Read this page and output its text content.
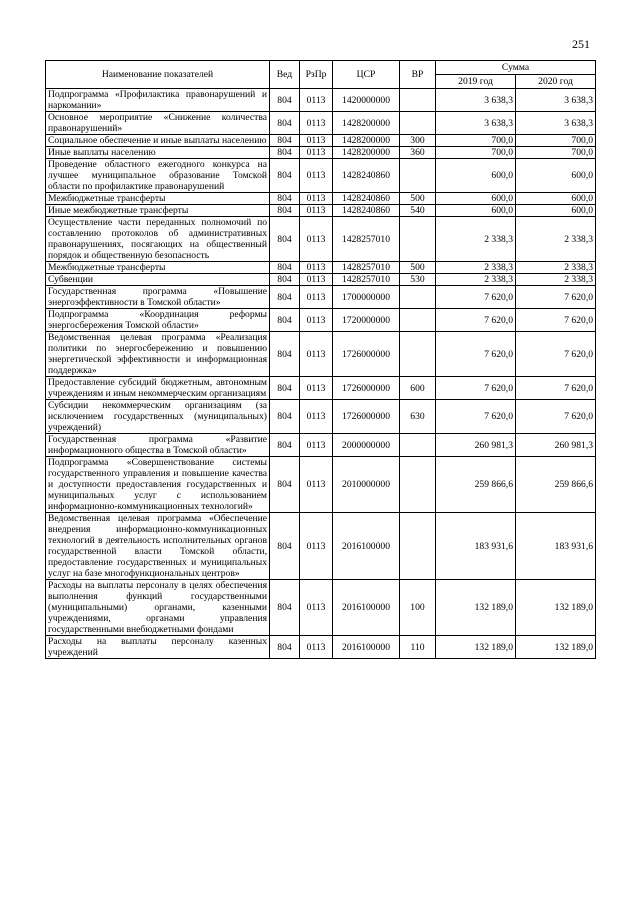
251
Наименование показателей	Вед	РзПр	ЦСР	ВР	Сумма	
					2019 год	2020 год
Подпрограмма «Профилактика правонарушений и наркомании»	804	0113	1420000000		3 638,3	3 638,3
Основное мероприятие «Снижение количества правонарушений»	804	0113	1428200000		3 638,3	3 638,3
Социальное обеспечение и иные выплаты населению	804	0113	1428200000	300	700,0	700,0
Иные выплаты населению	804	0113	1428200000	360	700,0	700,0
Проведение областного ежегодного конкурса на лучшее муниципальное образование Томской области по профилактике правонарушений	804	0113	1428240860		600,0	600,0
Межбюджетные трансферты	804	0113	1428240860	500	600,0	600,0
Иные межбюджетные трансферты	804	0113	1428240860	540	600,0	600,0
Осуществление части переданных полномочий по составлению протоколов об административных правонарушениях, посягающих на общественный порядок и общественную безопасность	804	0113	1428257010		2 338,3	2 338,3
Межбюджетные трансферты	804	0113	1428257010	500	2 338,3	2 338,3
Субвенции	804	0113	1428257010	530	2 338,3	2 338,3
Государственная программа «Повышение энергоэффективности в Томской области»	804	0113	1700000000		7 620,0	7 620,0
Подпрограмма «Координация реформы энергосбережения Томской области»	804	0113	1720000000		7 620,0	7 620,0
Ведомственная целевая программа «Реализация политики по энергосбережению и повышению энергетической эффективности и информационная поддержка»	804	0113	1726000000		7 620,0	7 620,0
Предоставление субсидий бюджетным, автономным учреждениям и иным некоммерческим организациям	804	0113	1726000000	600	7 620,0	7 620,0
Субсидии некоммерческим организациям (за исключением государственных (муниципальных) учреждений)	804	0113	1726000000	630	7 620,0	7 620,0
Государственная программа «Развитие информационного общества в Томской области»	804	0113	2000000000		260 981,3	260 981,3
Подпрограмма «Совершенствование системы государственного управления и повышение качества и доступности предоставления государственных и муниципальных услуг с использованием информационно-коммуникационных технологий»	804	0113	2010000000		259 866,6	259 866,6
Ведомственная целевая программа «Обеспечение внедрения информационно-коммуникационных технологий в деятельность исполнительных органов государственной власти Томской области, предоставление государственных и муниципальных услуг на базе многофункциональных центров»	804	0113	2016100000		183 931,6	183 931,6
Расходы на выплаты персоналу в целях обеспечения выполнения функций государственными (муниципальными) органами, казенными учреждениями, органами управления государственными внебюджетными фондами	804	0113	2016100000	100	132 189,0	132 189,0
Расходы на выплаты персоналу казенных учреждений	804	0113	2016100000	110	132 189,0	132 189,0
